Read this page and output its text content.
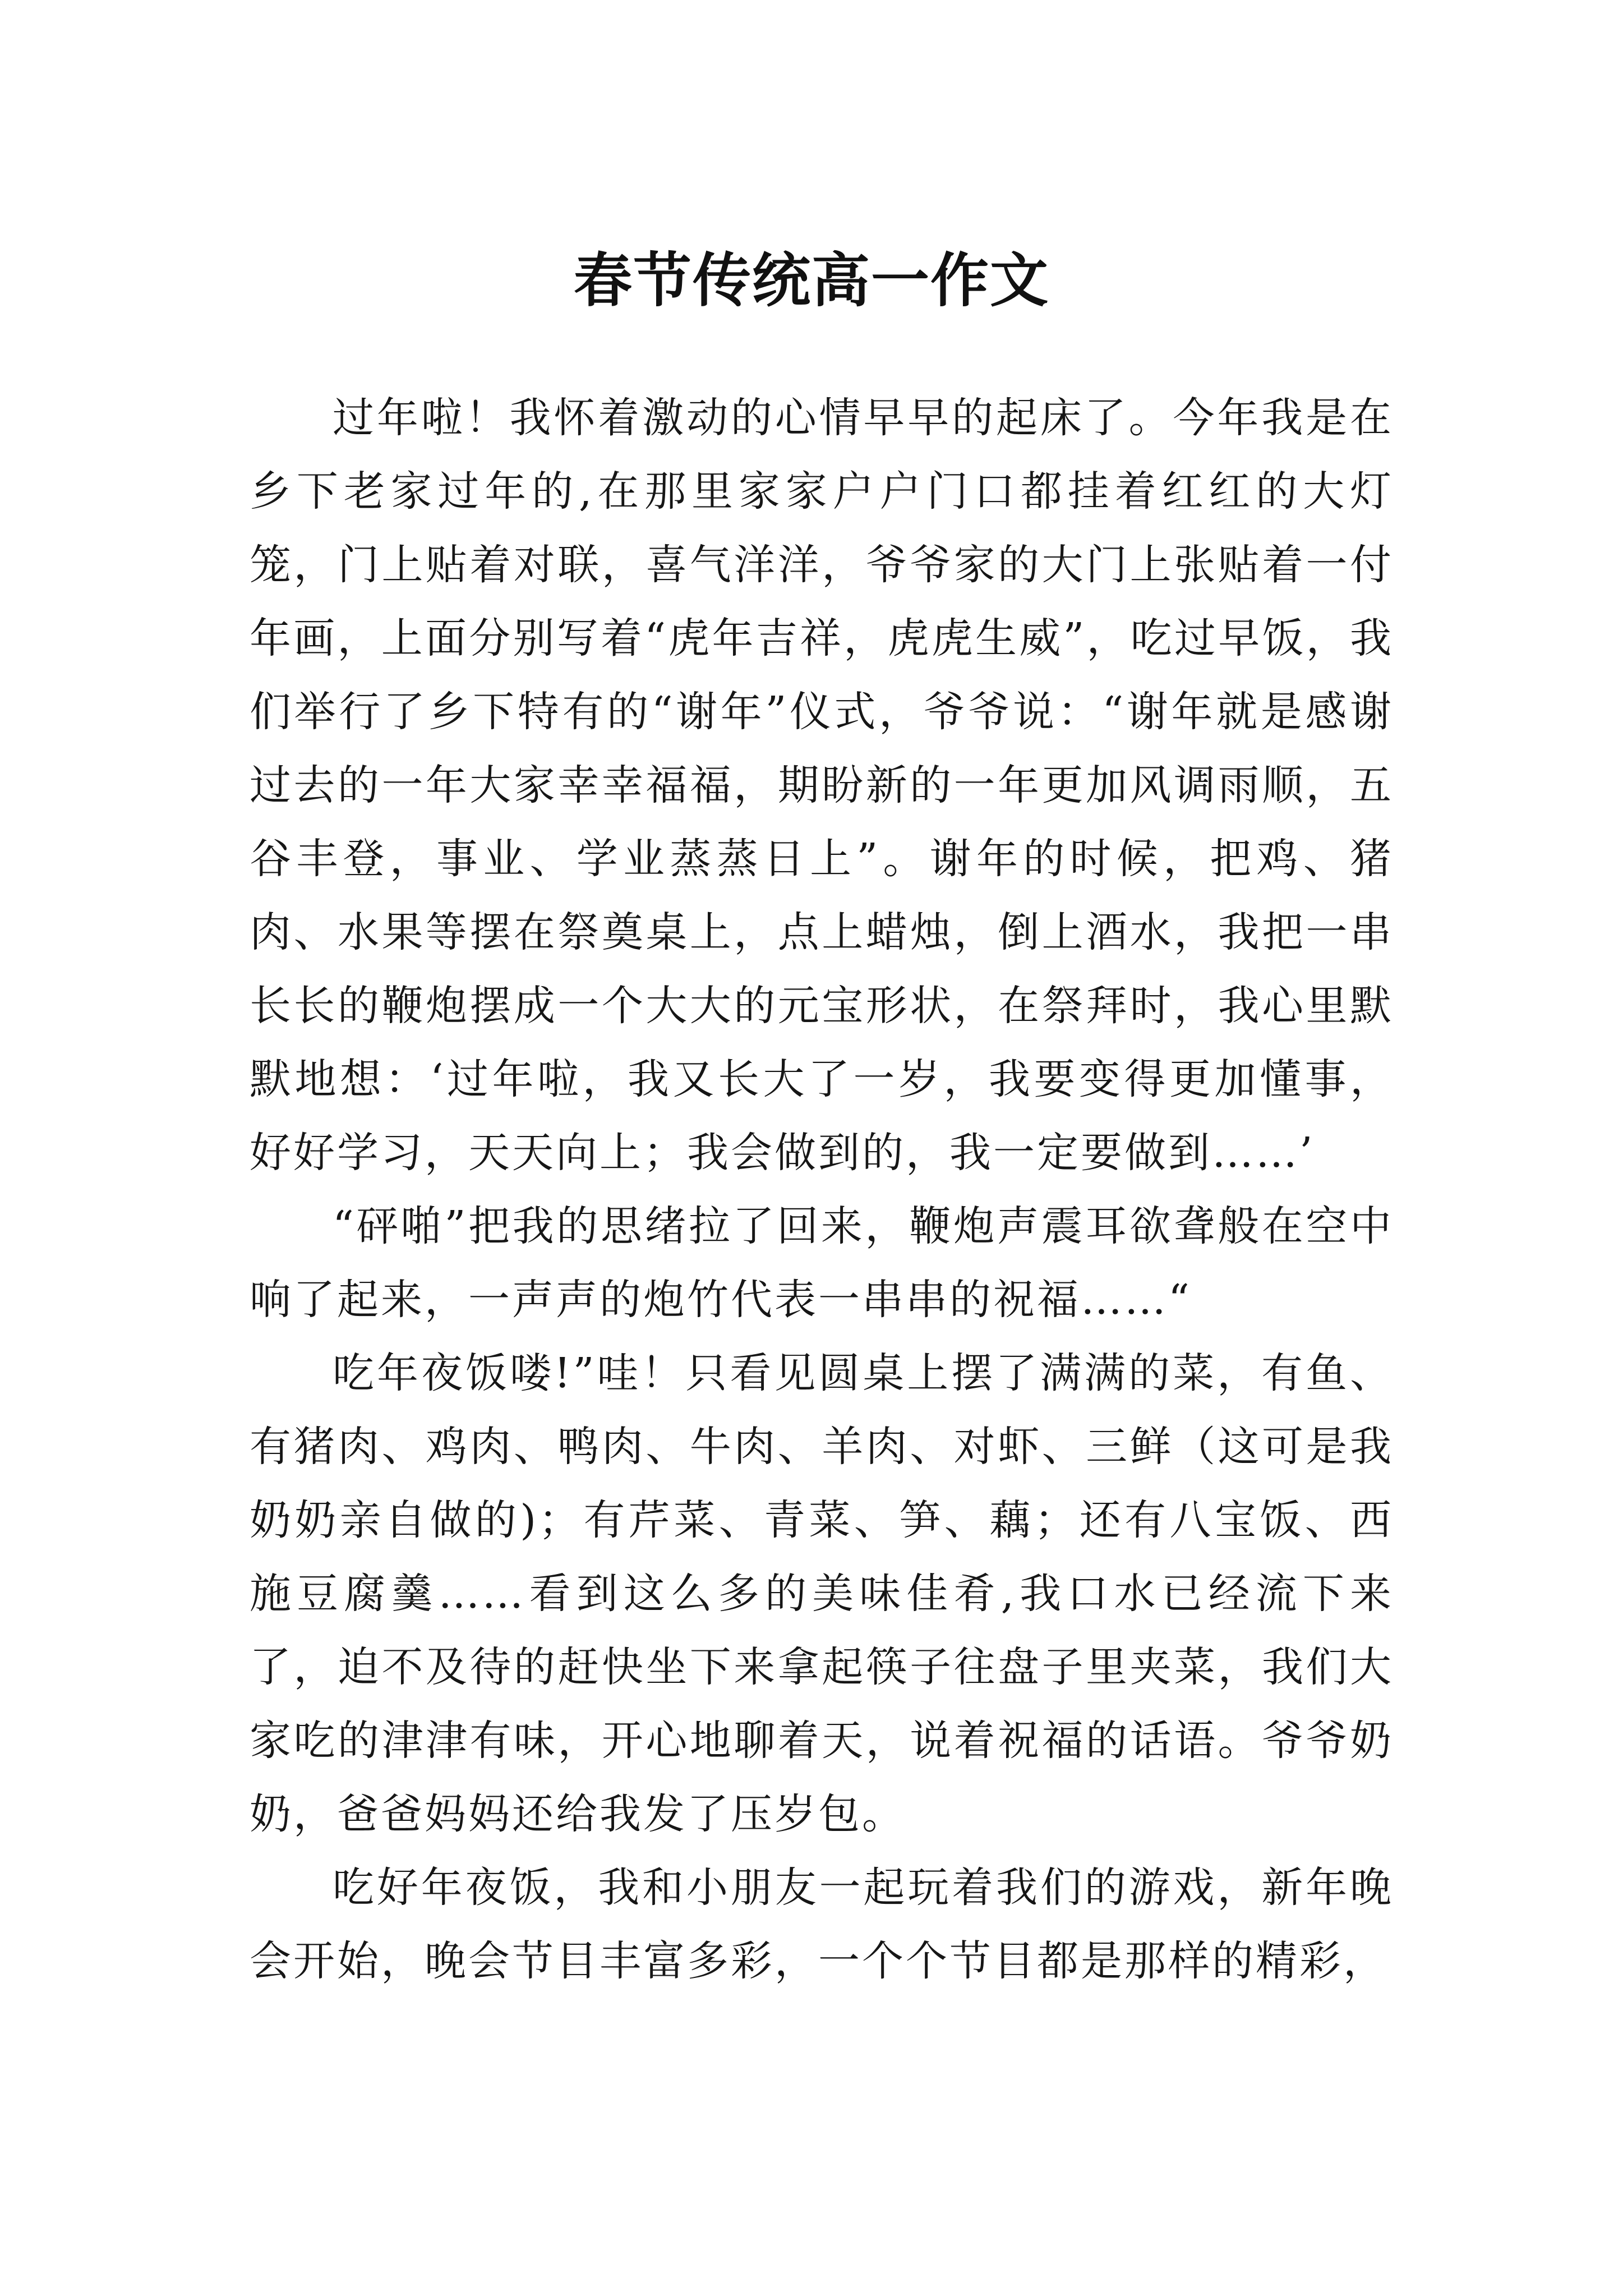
春节传统高一作文

过年啦！我怀着激动的心情早早的起床了。今年我是在乡下老家过年的,在那里家家户户门口都挂着红红的大灯笼，门上贴着对联，喜气洋洋，爷爷家的大门上张贴着一付年画，上面分别写着“虎年吉祥，虎虎生威”，吃过早饭，我们举行了乡下特有的“谢年”仪式，爷爷说：“谢年就是感谢过去的一年大家幸幸福福，期盼新的一年更加风调雨顺，五谷丰登，事业、学业蒸蒸日上”。谢年的时候，把鸡、猪肉、水果等摆在祭奠桌上，点上蜡烛，倒上酒水，我把一串长长的鞭炮摆成一个大大的元宝形状，在祭拜时，我心里默默地想：‘过年啦，我又长大了一岁，我要变得更加懂事，好好学习，天天向上；我会做到的，我一定要做到……’

“砰啪”把我的思绪拉了回来，鞭炮声震耳欲聋般在空中响了起来，一声声的炮竹代表一串串的祝福……“

吃年夜饭喽!”哇！只看见圆桌上摆了满满的菜，有鱼、有猪肉、鸡肉、鸭肉、牛肉、羊肉、对虾、三鲜（这可是我奶奶亲自做的)；有芹菜、青菜、笋、藕；还有八宝饭、西施豆腐羹……看到这么多的美味佳肴,我口水已经流下来了，迫不及待的赶快坐下来拿起筷子往盘子里夹菜，我们大家吃的津津有味，开心地聊着天，说着祝福的话语。爷爷奶奶，爸爸妈妈还给我发了压岁包。

吃好年夜饭，我和小朋友一起玩着我们的游戏，新年晚会开始，晚会节目丰富多彩，一个个节目都是那样的精彩，
